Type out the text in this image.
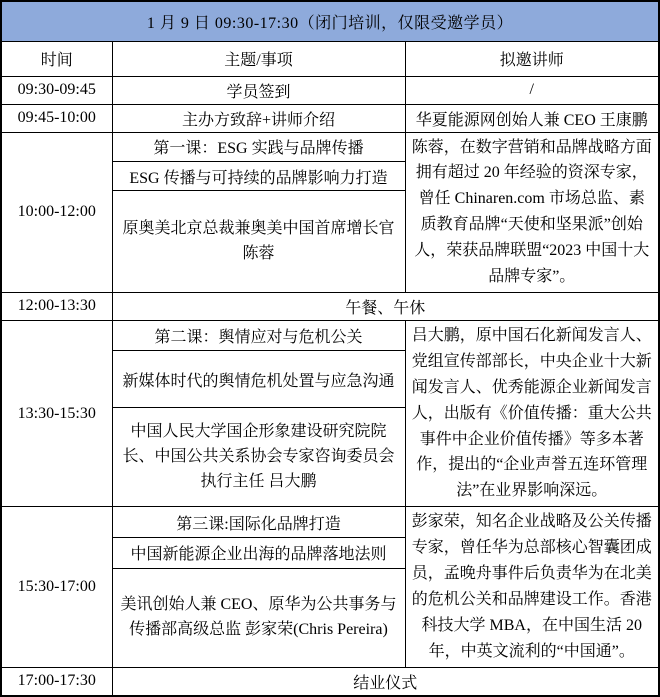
1 月 9 日 09:30-17:30（闭门培训，仅限受邀学员）		
时间	主题/事项	拟邀讲师
09:30-09:45	学员签到	/
09:45-10:00	主办方致辞+讲师介绍	华夏能源网创始人兼 CEO 王康鹏
10:00-12:00	第一课：ESG 实践与品牌传播	陈蓉，在数字营销和品牌战略方面拥有超过 20 年经验的资深专家，曾任 Chinaren.com 市场总监、素质教育品牌“天使和坚果派”创始人，荣获品牌联盟“2023 中国十大品牌专家”。
	ESG 传播与可持续的品牌影响力打造	
	原奥美北京总裁兼奥美中国首席增长官 陈蓉	
12:00-13:30	午餐、午休	
13:30-15:30	第二课：舆情应对与危机公关	吕大鹏，原中国石化新闻发言人、党组宣传部部长，中央企业十大新闻发言人、优秀能源企业新闻发言人，出版有《价值传播：重大公共事件中企业价值传播》等多本著作，提出的“企业声誉五连环管理法”在业界影响深远。
	新媒体时代的舆情危机处置与应急沟通	
	中国人民大学国企形象建设研究院院长、中国公共关系协会专家咨询委员会执行主任 吕大鹏	
15:30-17:00	第三课:国际化品牌打造	彭家荣，知名企业战略及公关传播专家，曾任华为总部核心智囊团成员，孟晚舟事件后负责华为在北美的危机公关和品牌建设工作。香港科技大学 MBA，在中国生活 20 年，中英文流利的“中国通”。
	中国新能源企业出海的品牌落地法则	
	美讯创始人兼 CEO、原华为公共事务与传播部高级总监 彭家荣(Chris Pereira)	
17:00-17:30	结业仪式	
